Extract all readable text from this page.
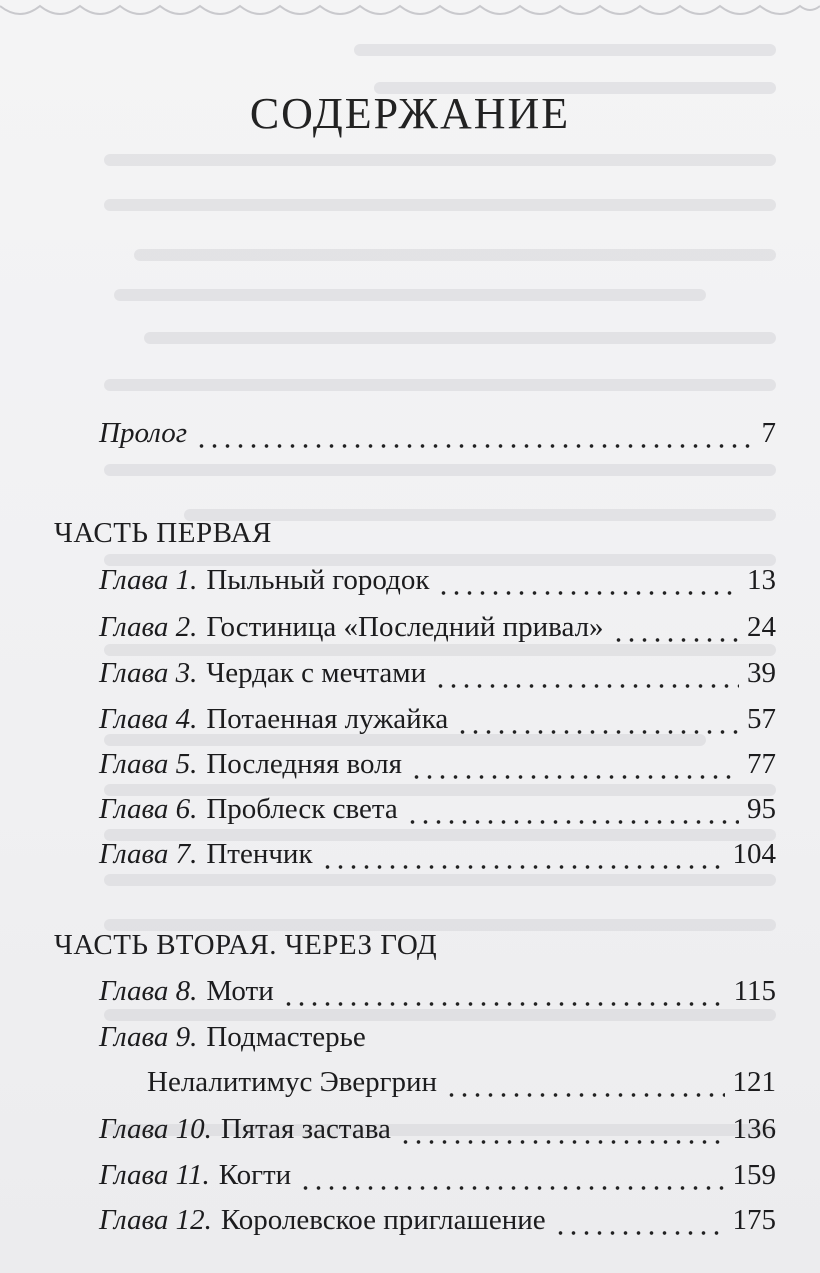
СОДЕРЖАНИЕ
Пролог	7
ЧАСТЬ ПЕРВАЯ
Глава 1. Пыльный городок	13
Глава 2. Гостиница «Последний привал»	24
Глава 3. Чердак с мечтами	39
Глава 4. Потаенная лужайка	57
Глава 5. Последняя воля	77
Глава 6. Проблеск света	95
Глава 7. Птенчик	104
ЧАСТЬ ВТОРАЯ. ЧЕРЕЗ ГОД
Глава 8. Моти	115
Глава 9. Подмастерье
Нелалитимус Эвергрин	121
Глава 10. Пятая застава	136
Глава 11. Когти	159
Глава 12. Королевское приглашение	175
